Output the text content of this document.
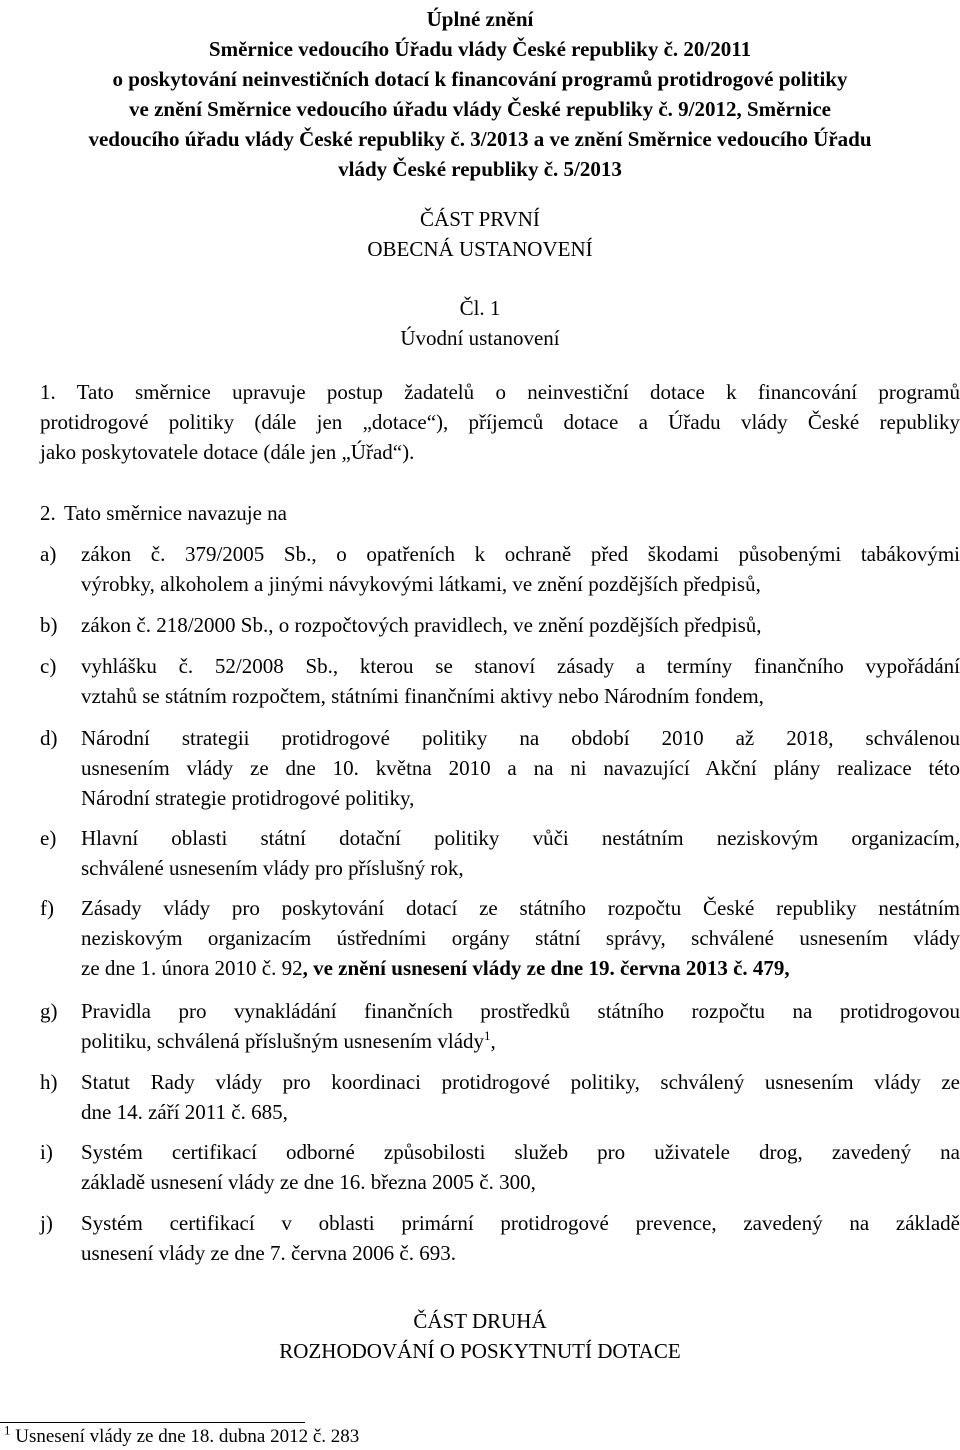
Úplné znění
Směrnice vedoucího Úřadu vlády České republiky č. 20/2011
o poskytování neinvestičních dotací k financování programů protidrogové politiky
ve znění Směrnice vedoucího úřadu vlády České republiky č. 9/2012, Směrnice
vedoucího úřadu vlády České republiky č. 3/2013 a ve znění Směrnice vedoucího Úřadu
vlády České republiky č. 5/2013
ČÁST PRVNÍ
OBECNÁ USTANOVENÍ
Čl. 1
Úvodní ustanovení
1. Tato směrnice upravuje postup žadatelů o neinvestiční dotace k financování programů
protidrogové politiky (dále jen „dotace“), příjemců dotace a Úřadu vlády České republiky
jako poskytovatele dotace (dále jen „Úřad“).
2. Tato směrnice navazuje na
a)	zákon č. 379/2005 Sb., o opatřeních k ochraně před škodami působenými tabákovými
výrobky, alkoholem a jinými návykovými látkami, ve znění pozdějších předpisů,
b)	zákon č. 218/2000 Sb., o rozpočtových pravidlech, ve znění pozdějších předpisů,
c)	vyhlášku č. 52/2008 Sb., kterou se stanoví zásady a termíny finančního vypořádání
vztahů se státním rozpočtem, státními finančními aktivy nebo Národním fondem,
d)	Národní strategii protidrogové politiky na období 2010 až 2018, schválenou
usnesením vlády ze dne 10. května 2010 a na ni navazující Akční plány realizace této
Národní strategie protidrogové politiky,
e)	Hlavní oblasti státní dotační politiky vůči nestátním neziskovým organizacím,
schválené usnesením vlády pro příslušný rok,
f)	Zásady vlády pro poskytování dotací ze státního rozpočtu České republiky nestátním
neziskovým organizacím ústředními orgány státní správy, schválené usnesením vlády
ze dne 1. února 2010 č. 92, ve znění usnesení vlády ze dne 19. června 2013 č. 479,
g)	Pravidla pro vynakládání finančních prostředků státního rozpočtu na protidrogovou
politiku, schválená příslušným usnesením vlády$^1$,
h)	Statut Rady vlády pro koordinaci protidrogové politiky, schválený usnesením vlády ze
dne 14. září 2011 č. 685,
i)	Systém certifikací odborné způsobilosti služeb pro uživatele drog, zavedený na
základě usnesení vlády ze dne 16. března 2005 č. 300,
j)	Systém certifikací v oblasti primární protidrogové prevence, zavedený na základě
usnesení vlády ze dne 7. června 2006 č. 693.
ČÁST DRUHÁ
ROZHODOVÁNÍ O POSKYTNUTÍ DOTACE
$^1$ Usnesení vlády ze dne 18. dubna 2012 č. 283
